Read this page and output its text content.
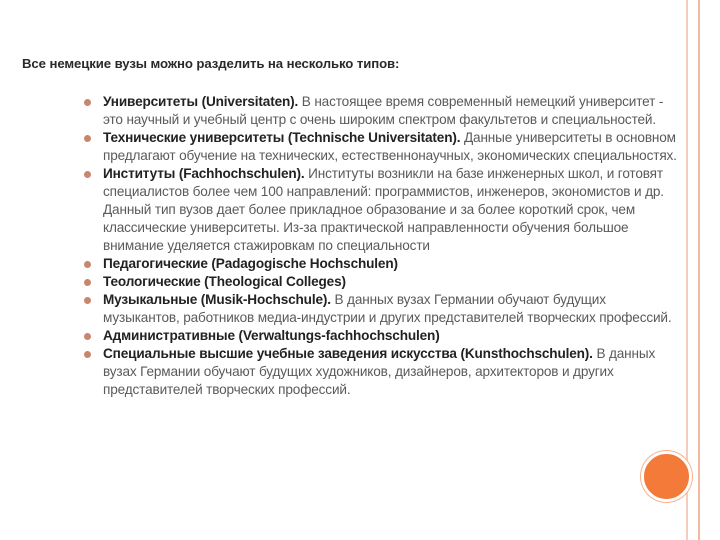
Все немецкие вузы можно разделить на несколько типов:
Университеты (Universitaten). В настоящее время современный немецкий университет - это научный и учебный центр с очень широким спектром факультетов и специальностей.
Технические университеты (Technische Universitaten). Данные университеты в основном предлагают обучение на технических, естественнонаучных, экономических специальностях.
Институты (Fachhochschulen). Институты возникли на базе инженерных школ, и готовят специалистов более чем 100 направлений: программистов, инженеров, экономистов и др. Данный тип вузов дает более прикладное образование и за более короткий срок, чем классические университеты. Из-за практической направленности обучения большое внимание уделяется стажировкам по специальности
Педагогические (Padagogische Hochschulen)
Теологические (Theological Colleges)
Музыкальные (Musik-Hochschule). В данных вузах Германии обучают будущих музыкантов, работников медиа-индустрии и других представителей творческих профессий.
Административные (Verwaltungs-fachhochschulen)
Специальные высшие учебные заведения искусства (Kunsthochschulen). В данных вузах Германии обучают будущих художников, дизайнеров, архитекторов и других представителей творческих профессий.
